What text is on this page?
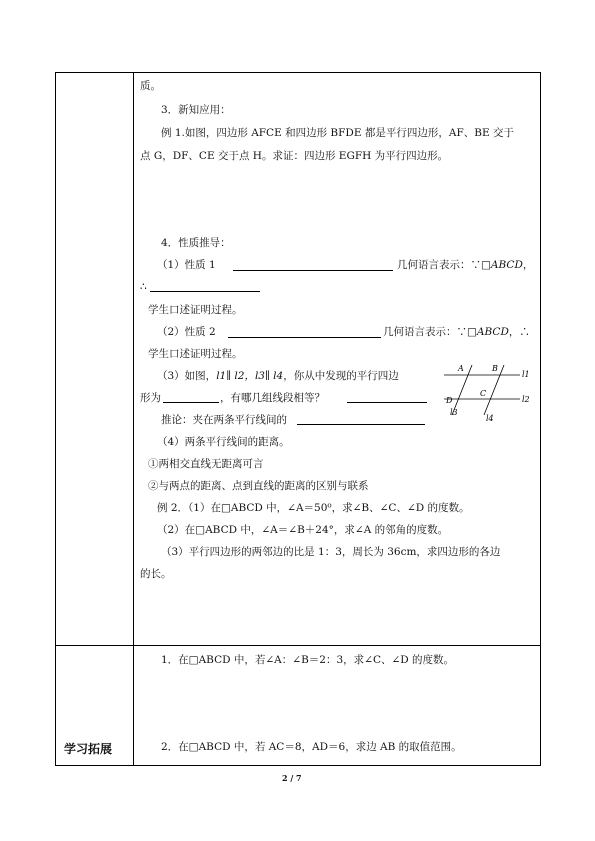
质。
3．新知应用：
例 1.如图，四边形 AFCE 和四边形 BFDE 都是平行四边形，AF、BE 交于
点 G，DF、CE 交于点 H。求证：四边形 EGFH 为平行四边形。
4．性质推导：
（1）性质 1	几何语言表示：∵□ABCD，
∴
学生口述证明过程。
（2）性质 2	几何语言表示：∵□ABCD，∴
学生口述证明过程。
（3）如图，l1∥ l2，l3∥ l4，你从中发现的平行四边
形为	，有哪几组线段相等？
推论：夹在两条平行线间的
A	B
C
D
l1
l2
l3
l4
（4）两条平行线间的距离。
①两相交直线无距离可言
②与两点的距离、点到直线的距离的区别与联系
例 2．（1）在□ABCD 中，∠A＝50⁰，求∠B、∠C、∠D 的度数。
（2）在□ABCD 中，∠A＝∠B＋24°，求∠A 的邻角的度数。
（3）平行四边形的两邻边的比是 1：3，周长为 36cm，求四边形的各边
的长。
学习拓展
1．在□ABCD 中，若∠A：∠B＝2：3，求∠C、∠D 的度数。
2．在□ABCD 中，若 AC＝8，AD＝6，求边 AB 的取值范围。
2 / 7
